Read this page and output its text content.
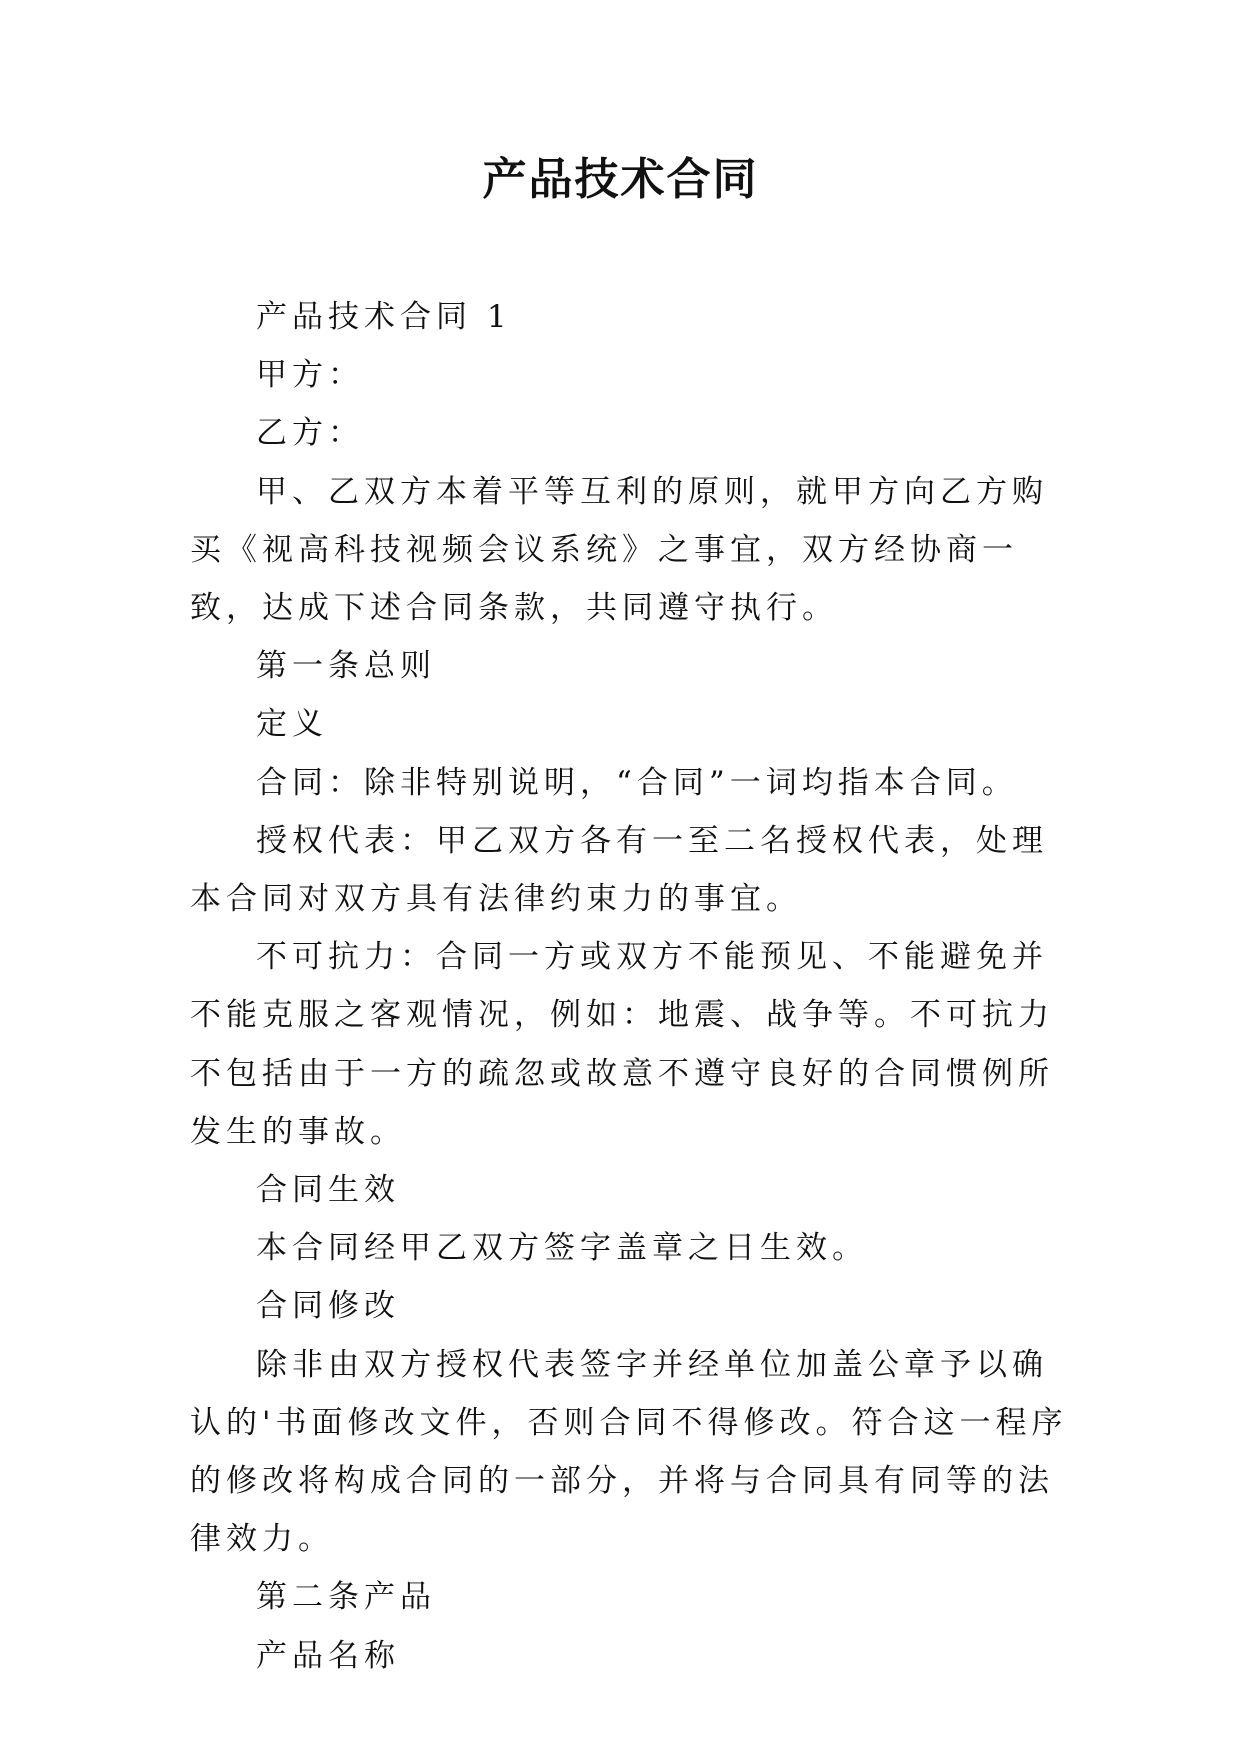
产品技术合同

产品技术合同 1

甲方：

乙方：

甲、乙双方本着平等互利的原则，就甲方向乙方购买《视高科技视频会议系统》之事宜，双方经协商一致，达成下述合同条款，共同遵守执行。

第一条总则

定义

合同：除非特别说明，“合同”一词均指本合同。

授权代表：甲乙双方各有一至二名授权代表，处理本合同对双方具有法律约束力的事宜。

不可抗力：合同一方或双方不能预见、不能避免并不能克服之客观情况，例如：地震、战争等。不可抗力不包括由于一方的疏忽或故意不遵守良好的合同惯例所发生的事故。

合同生效

本合同经甲乙双方签字盖章之日生效。

合同修改

除非由双方授权代表签字并经单位加盖公章予以确认的'书面修改文件，否则合同不得修改。符合这一程序的修改将构成合同的一部分，并将与合同具有同等的法律效力。

第二条产品

产品名称
